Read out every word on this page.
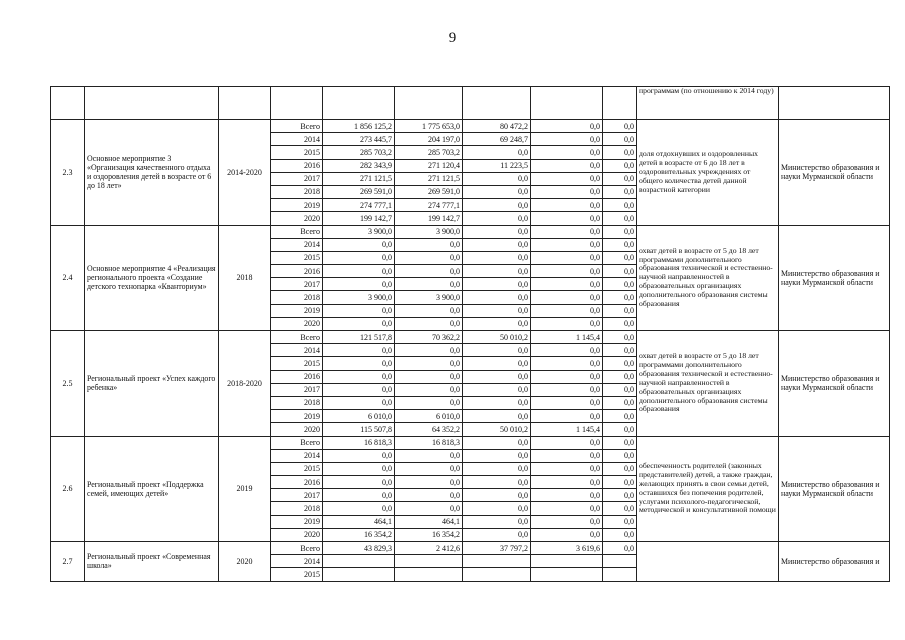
9
									программам (по отношению к 2014 году)	
2.3	Основное мероприятие 3 «Организация качественного отдыха и оздоровления детей в возрасте от 6 до 18 лет»	2014-2020	Всего	1 856 125,2	1 775 653,0	80 472,2	0,0	0,0	доля отдохнувших и оздоровленных детей в возрасте от 6 до 18 лет в оздоровительных учреждениях от общего количества детей данной возрастной категории	Министерство образования и науки Мурманской области
			2014	273 445,7	204 197,0	69 248,7	0,0	0,0		
			2015	285 703,2	285 703,2	0,0	0,0	0,0		
			2016	282 343,9	271 120,4	11 223,5	0,0	0,0		
			2017	271 121,5	271 121,5	0,0	0,0	0,0		
			2018	269 591,0	269 591,0	0,0	0,0	0,0		
			2019	274 777,1	274 777,1	0,0	0,0	0,0		
			2020	199 142,7	199 142,7	0,0	0,0	0,0		
2.4	Основное мероприятие 4 «Реализация регионального проекта «Создание детского технопарка «Кванториум»	2018	Всего	3 900,0	3 900,0	0,0	0,0	0,0	охват детей в возрасте от 5 до 18 лет программами дополнительного образования технической и естественно-научной направленностей в образовательных организациях дополнительного образования системы образования	Министерство образования и науки Мурманской области
			2014	0,0	0,0	0,0	0,0	0,0		
			2015	0,0	0,0	0,0	0,0	0,0		
			2016	0,0	0,0	0,0	0,0	0,0		
			2017	0,0	0,0	0,0	0,0	0,0		
			2018	3 900,0	3 900,0	0,0	0,0	0,0		
			2019	0,0	0,0	0,0	0,0	0,0		
			2020	0,0	0,0	0,0	0,0	0,0		
2.5	Региональный проект «Успех каждого ребенка»	2018-2020	Всего	121 517,8	70 362,2	50 010,2	1 145,4	0,0	охват детей в возрасте от 5 до 18 лет программами дополнительного образования технической и естественно-научной направленностей в образовательных организациях дополнительного образования системы образования	Министерство образования и науки Мурманской области
			2014	0,0	0,0	0,0	0,0	0,0		
			2015	0,0	0,0	0,0	0,0	0,0		
			2016	0,0	0,0	0,0	0,0	0,0		
			2017	0,0	0,0	0,0	0,0	0,0		
			2018	0,0	0,0	0,0	0,0	0,0		
			2019	6 010,0	6 010,0	0,0	0,0	0,0		
			2020	115 507,8	64 352,2	50 010,2	1 145,4	0,0		
2.6	Региональный проект «Поддержка семей, имеющих детей»	2019	Всего	16 818,3	16 818,3	0,0	0,0	0,0	обеспеченность родителей (законных представителей) детей, а также граждан, желающих принять в свои семьи детей, оставшихся без попечения родителей, услугами психолого-педагогической, методической и консультативной помощи	Министерство образования и науки Мурманской области
			2014	0,0	0,0	0,0	0,0	0,0		
			2015	0,0	0,0	0,0	0,0	0,0		
			2016	0,0	0,0	0,0	0,0	0,0		
			2017	0,0	0,0	0,0	0,0	0,0		
			2018	0,0	0,0	0,0	0,0	0,0		
			2019	464,1	464,1	0,0	0,0	0,0		
			2020	16 354,2	16 354,2	0,0	0,0	0,0		
2.7	Региональный проект «Современная школа»	2020	Всего	43 829,3	2 412,6	37 797,2	3 619,6	0,0		Министерство образования и
			2014							
			2015							
